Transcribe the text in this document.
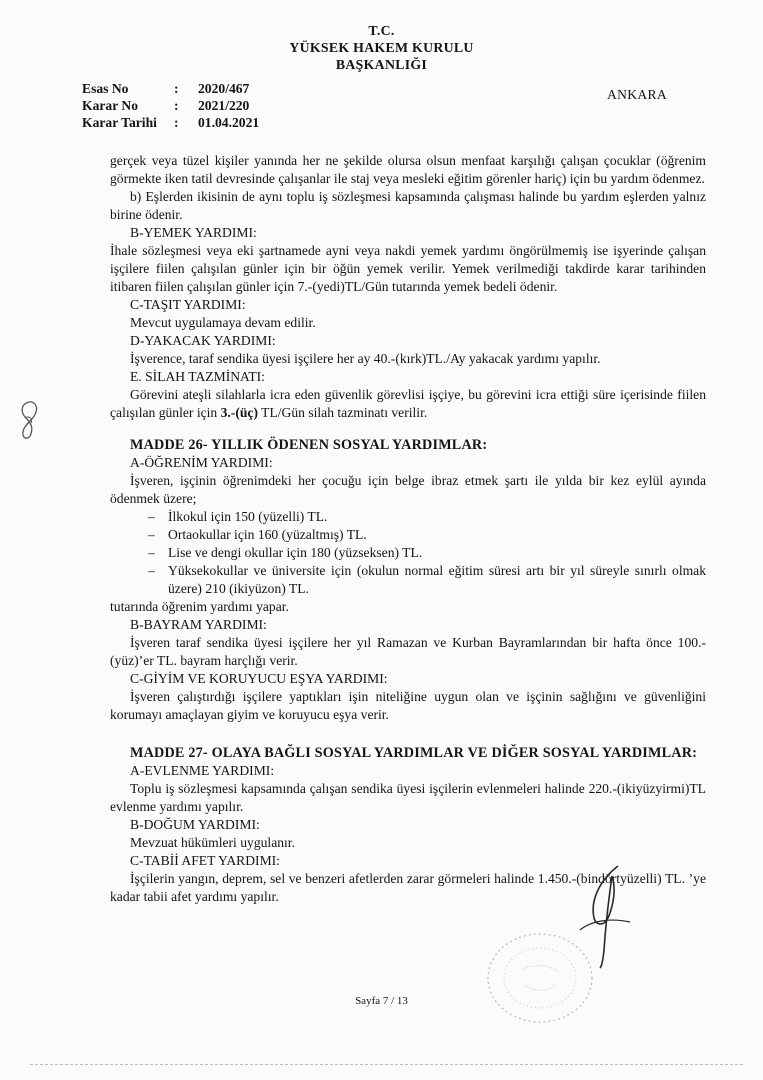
T.C.
YÜKSEK HAKEM KURULU
BAŞKANLIĞI
Esas No	:	2020/467
Karar No	:	2021/220
Karar Tarihi	:	01.04.2021
ANKARA
gerçek veya tüzel kişiler yanında her ne şekilde olursa olsun menfaat karşılığı çalışan çocuklar (öğrenim görmekte iken tatil devresinde çalışanlar ile staj veya mesleki eğitim görenler hariç) için bu yardım ödenmez.
b) Eşlerden ikisinin de aynı toplu iş sözleşmesi kapsamında çalışması halinde bu yardım eşlerden yalnız birine ödenir.
B-YEMEK YARDIMI:
İhale sözleşmesi veya eki şartnamede ayni veya nakdi yemek yardımı öngörülmemiş ise işyerinde çalışan işçilere fiilen çalışılan günler için bir öğün yemek verilir. Yemek verilmediği takdirde karar tarihinden itibaren fiilen çalışılan günler için 7.-(yedi)TL/Gün tutarında yemek bedeli ödenir.
C-TAŞIT YARDIMI:
Mevcut uygulamaya devam edilir.
D-YAKACAK YARDIMI:
İşverence, taraf sendika üyesi işçilere her ay 40.-(kırk)TL./Ay yakacak yardımı yapılır.
E. SİLAH TAZMİNATI:
Görevini ateşli silahlarla icra eden güvenlik görevlisi işçiye, bu görevini icra ettiği süre içerisinde fiilen çalışılan günler için 3.-(üç) TL/Gün silah tazminatı verilir.
MADDE 26- YILLIK ÖDENEN SOSYAL YARDIMLAR:
A-ÖĞRENİM YARDIMI:
İşveren, işçinin öğrenimdeki her çocuğu için belge ibraz etmek şartı ile yılda bir kez eylül ayında ödenmek üzere;
– İlkokul için 150 (yüzelli) TL.
– Ortaokullar için 160 (yüzaltmış) TL.
– Lise ve dengi okullar için 180 (yüzseksen) TL.
– Yüksekokullar ve üniversite için (okulun normal eğitim süresi artı bir yıl süreyle sınırlı olmak üzere) 210 (ikiyüzon) TL.
tutarında öğrenim yardımı yapar.
B-BAYRAM YARDIMI:
İşveren taraf sendika üyesi işçilere her yıl Ramazan ve Kurban Bayramlarından bir hafta önce 100.-(yüz)’er TL. bayram harçlığı verir.
C-GİYİM VE KORUYUCU EŞYA YARDIMI:
İşveren çalıştırdığı işçilere yaptıkları işin niteliğine uygun olan ve işçinin sağlığını ve güvenliğini korumayı amaçlayan giyim ve koruyucu eşya verir.
MADDE 27- OLAYA BAĞLI SOSYAL YARDIMLAR VE DİĞER SOSYAL YARDIMLAR:
A-EVLENME YARDIMI:
Toplu iş sözleşmesi kapsamında çalışan sendika üyesi işçilerin evlenmeleri halinde 220.-(ikiyüzyirmi)TL evlenme yardımı yapılır.
B-DOĞUM YARDIMI:
Mevzuat hükümleri uygulanır.
C-TABİİ AFET YARDIMI:
İşçilerin yangın, deprem, sel ve benzeri afetlerden zarar görmeleri halinde 1.450.-(bindörtyüzelli) TL. ’ye kadar tabii afet yardımı yapılır.
Sayfa 7 / 13
